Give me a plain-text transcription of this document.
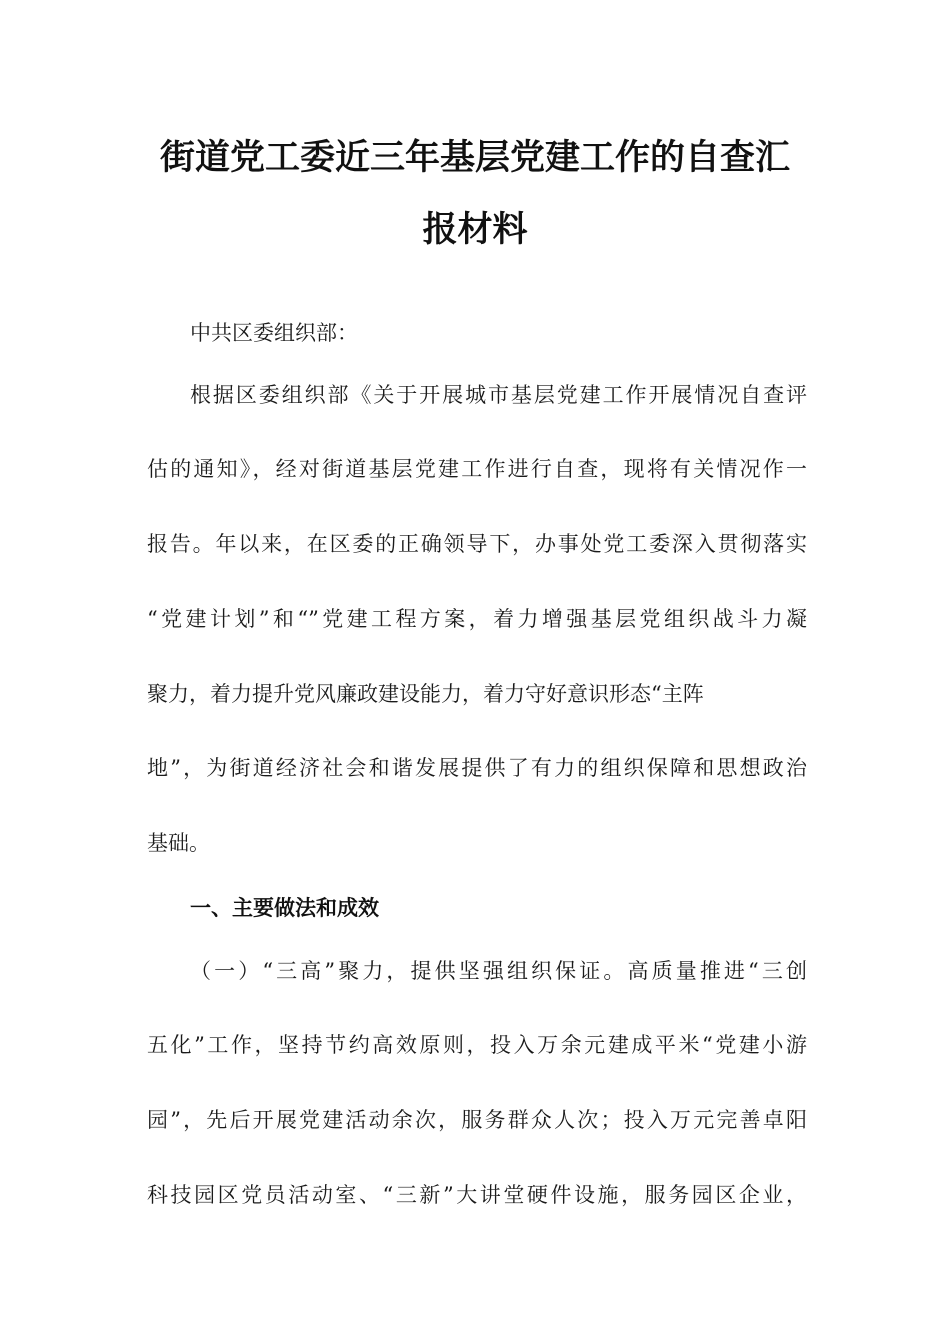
街道党工委近三年基层党建工作的自查汇
报材料

中共区委组织部：

根据区委组织部《关于开展城市基层党建工作开展情况自查评

估的通知》，经对街道基层党建工作进行自查，现将有关情况作一

报告。年以来，在区委的正确领导下，办事处党工委深入贯彻落实

“党建计划”和“”党建工程方案，着力增强基层党组织战斗力凝

聚力，着力提升党风廉政建设能力，着力守好意识形态“主阵

地”，为街道经济社会和谐发展提供了有力的组织保障和思想政治

基础。

一、主要做法和成效

（一）“三高”聚力，提供坚强组织保证。高质量推进“三创

五化”工作，坚持节约高效原则，投入万余元建成平米“党建小游

园”，先后开展党建活动余次，服务群众人次；投入万元完善卓阳

科技园区党员活动室、“三新”大讲堂硬件设施，服务园区企业，
